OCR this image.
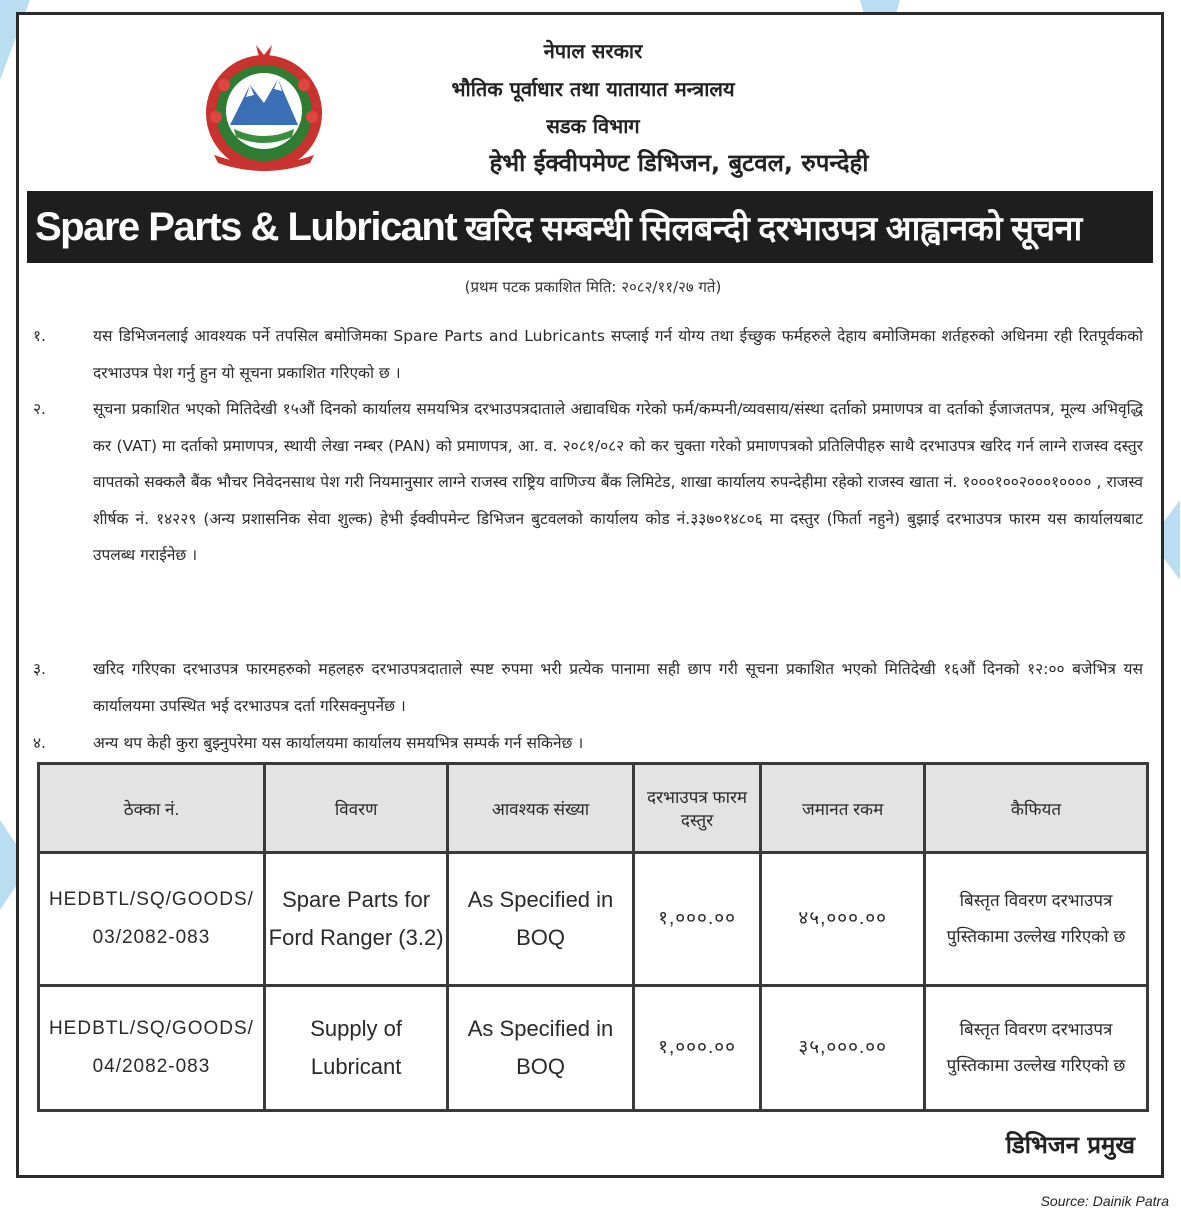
नेपाल सरकार
भौतिक पूर्वाधार तथा यातायात मन्त्रालय
सडक विभाग
हेभी ईक्वीपमेण्ट डिभिजन, बुटवल, रुपन्देही
Spare Parts & Lubricant खरिद सम्बन्धी सिलबन्दी दरभाउपत्र आह्वानको सूचना
(प्रथम पटक प्रकाशित मिति: २०८२/११/२७ गते)
१.	यस डिभिजनलाई आवश्यक पर्ने तपसिल बमोजिमका Spare Parts and Lubricants सप्लाई गर्न योग्य तथा ईच्छुक फर्महरुले देहाय बमोजिमका शर्तहरुको अधिनमा रही रितपूर्वकको दरभाउपत्र पेश गर्नु हुन यो सूचना प्रकाशित गरिएको छ ।
२.	सूचना प्रकाशित भएको मितिदेखी १५औं दिनको कार्यालय समयभित्र दरभाउपत्रदाताले अद्यावधिक गरेको फर्म/कम्पनी/व्यवसाय/संस्था दर्ताको प्रमाणपत्र वा दर्ताको ईजाजतपत्र, मूल्य अभिवृद्धि कर (VAT) मा दर्ताको प्रमाणपत्र, स्थायी लेखा नम्बर (PAN) को प्रमाणपत्र, आ. व. २०८१/०८२ को कर चुक्ता गरेको प्रमाणपत्रको प्रतिलिपीहरु साथै दरभाउपत्र खरिद गर्न लाग्ने राजस्व दस्तुर वापतको सक्कलै बैंक भौचर निवेदनसाथ पेश गरी नियमानुसार लाग्ने राजस्व राष्ट्रिय वाणिज्य बैंक लिमिटेड, शाखा कार्यालय रुपन्देहीमा रहेको राजस्व खाता नं. १०००१००२०००१०००० , राजस्व शीर्षक नं. १४२२९ (अन्य प्रशासनिक सेवा शुल्क) हेभी ईक्वीपमेन्ट डिभिजन बुटवलको कार्यालय कोड नं.३३७०१४८०६ मा दस्तुर (फिर्ता नहुने) बुझाई दरभाउपत्र फारम यस कार्यालयबाट उपलब्ध गराईनेछ ।
३.	खरिद गरिएका दरभाउपत्र फारमहरुको महलहरु दरभाउपत्रदाताले स्पष्ट रुपमा भरी प्रत्येक पानामा सही छाप गरी सूचना प्रकाशित भएको मितिदेखी १६औं दिनको १२:०० बजेभित्र यस कार्यालयमा उपस्थित भई दरभाउपत्र दर्ता गरिसक्नुपर्नेछ ।
४.	अन्य थप केही कुरा बुझ्नुपरेमा यस कार्यालयमा कार्यालय समयभित्र सम्पर्क गर्न सकिनेछ ।
ठेक्का नं.	विवरण	आवश्यक संख्या	दरभाउपत्र फारम दस्तुर	जमानत रकम	कैफियत
HEDBTL/SQ/GOODS/ 03/2082-083	Spare Parts for Ford Ranger (3.2)	As Specified in BOQ	१,०००.००	४५,०००.००	बिस्तृत विवरण दरभाउपत्र पुस्तिकामा उल्लेख गरिएको छ
HEDBTL/SQ/GOODS/ 04/2082-083	Supply of Lubricant	As Specified in BOQ	१,०००.००	३५,०००.००	बिस्तृत विवरण दरभाउपत्र पुस्तिकामा उल्लेख गरिएको छ
डिभिजन प्रमुख
Source: Dainik Patra
